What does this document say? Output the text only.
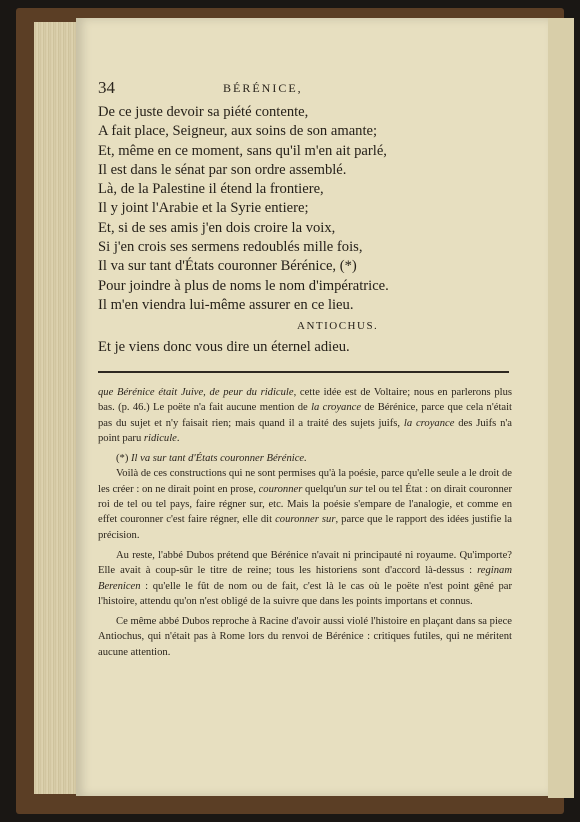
34	BÉRÉNICE,
De ce juste devoir sa piété contente,
A fait place, Seigneur, aux soins de son amante;
Et, même en ce moment, sans qu'il m'en ait parlé,
Il est dans le sénat par son ordre assemblé.
Là, de la Palestine il étend la frontiere,
Il y joint l'Arabie et la Syrie entiere;
Et, si de ses amis j'en dois croire la voix,
Si j'en crois ses sermens redoublés mille fois,
Il va sur tant d'États couronner Bérénice, (*)
Pour joindre à plus de noms le nom d'impératrice.
Il m'en viendra lui-même assurer en ce lieu.
ANTIOCHUS.
Et je viens donc vous dire un éternel adieu.

que Bérénice était Juive, de peur du ridicule, cette idée est de Voltaire; nous en parlerons plus bas. (p. 46.) Le poëte n'a fait aucune mention de la croyance de Bérénice, parce que cela n'était pas du sujet et n'y faisait rien; mais quand il a traité des sujets juifs, la croyance des Juifs n'a point paru ridicule.

(*) Il va sur tant d'États couronner Bérénice.

Voilà de ces constructions qui ne sont permises qu'à la poésie, parce qu'elle seule a le droit de les créer : on ne dirait point en prose, couronner quelqu'un sur tel ou tel État : on dirait couronner roi de tel ou tel pays, faire régner sur, etc. Mais la poésie s'empare de l'analogie, et comme en effet couronner c'est faire régner, elle dit couronner sur, parce que le rapport des idées justifie la précision.

Au reste, l'abbé Dubos prétend que Bérénice n'avait ni principauté ni royaume. Qu'importe? Elle avait à coup-sûr le titre de reine; tous les historiens sont d'accord là-dessus : reginam Berenicen : qu'elle le fût de nom ou de fait, c'est là le cas où le poëte n'est point gêné par l'histoire, attendu qu'on n'est obligé de la suivre que dans les points importans et connus.

Ce même abbé Dubos reproche à Racine d'avoir aussi violé l'histoire en plaçant dans sa piece Antiochus, qui n'était pas à Rome lors du renvoi de Bérénice : critiques futiles, qui ne méritent aucune attention.
